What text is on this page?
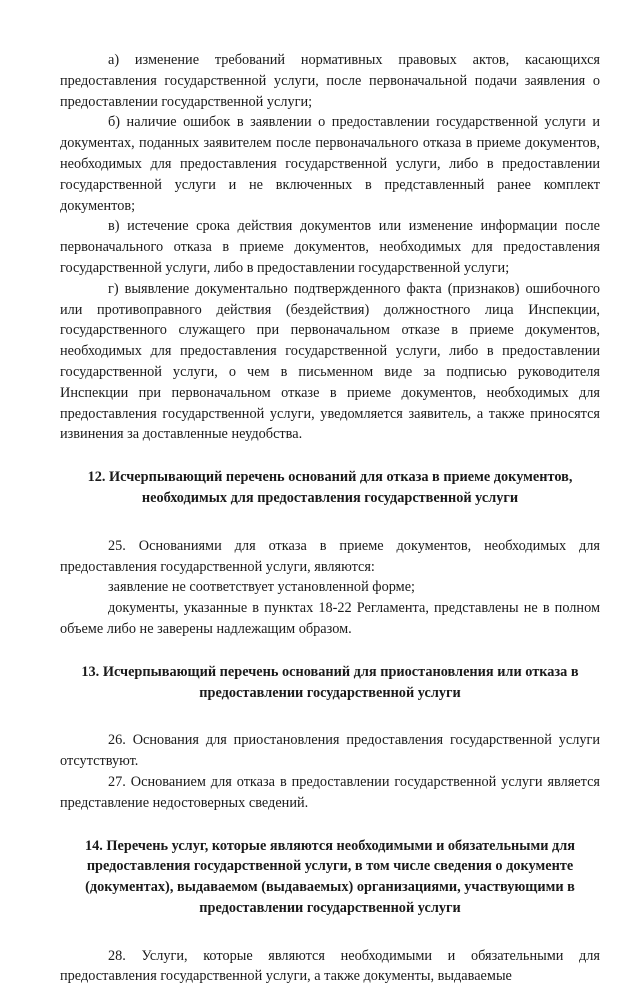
а) изменение требований нормативных правовых актов, касающихся предоставления государственной услуги, после первоначальной подачи заявления о предоставлении государственной услуги;

б) наличие ошибок в заявлении о предоставлении государственной услуги и документах, поданных заявителем после первоначального отказа в приеме документов, необходимых для предоставления государственной услуги, либо в предоставлении государственной услуги и не включенных в представленный ранее комплект документов;

в) истечение срока действия документов или изменение информации после первоначального отказа в приеме документов, необходимых для предоставления государственной услуги, либо в предоставлении государственной услуги;

г) выявление документально подтвержденного факта (признаков) ошибочного или противоправного действия (бездействия) должностного лица Инспекции, государственного служащего при первоначальном отказе в приеме документов, необходимых для предоставления государственной услуги, либо в предоставлении государственной услуги, о чем в письменном виде за подписью руководителя Инспекции при первоначальном отказе в приеме документов, необходимых для предоставления государственной услуги, уведомляется заявитель, а также приносятся извинения за доставленные неудобства.

12. Исчерпывающий перечень оснований для отказа в приеме документов, необходимых для предоставления государственной услуги

25. Основаниями для отказа в приеме документов, необходимых для предоставления государственной услуги, являются:

заявление не соответствует установленной форме;

документы, указанные в пунктах 18-22 Регламента, представлены не в полном объеме либо не заверены надлежащим образом.

13. Исчерпывающий перечень оснований для приостановления или отказа в предоставлении государственной услуги

26. Основания для приостановления предоставления государственной услуги отсутствуют.

27. Основанием для отказа в предоставлении государственной услуги является представление недостоверных сведений.

14. Перечень услуг, которые являются необходимыми и обязательными для предоставления государственной услуги, в том числе сведения о документе (документах), выдаваемом (выдаваемых) организациями, участвующими в предоставлении государственной услуги

28. Услуги, которые являются необходимыми и обязательными для предоставления государственной услуги, а также документы, выдаваемые
